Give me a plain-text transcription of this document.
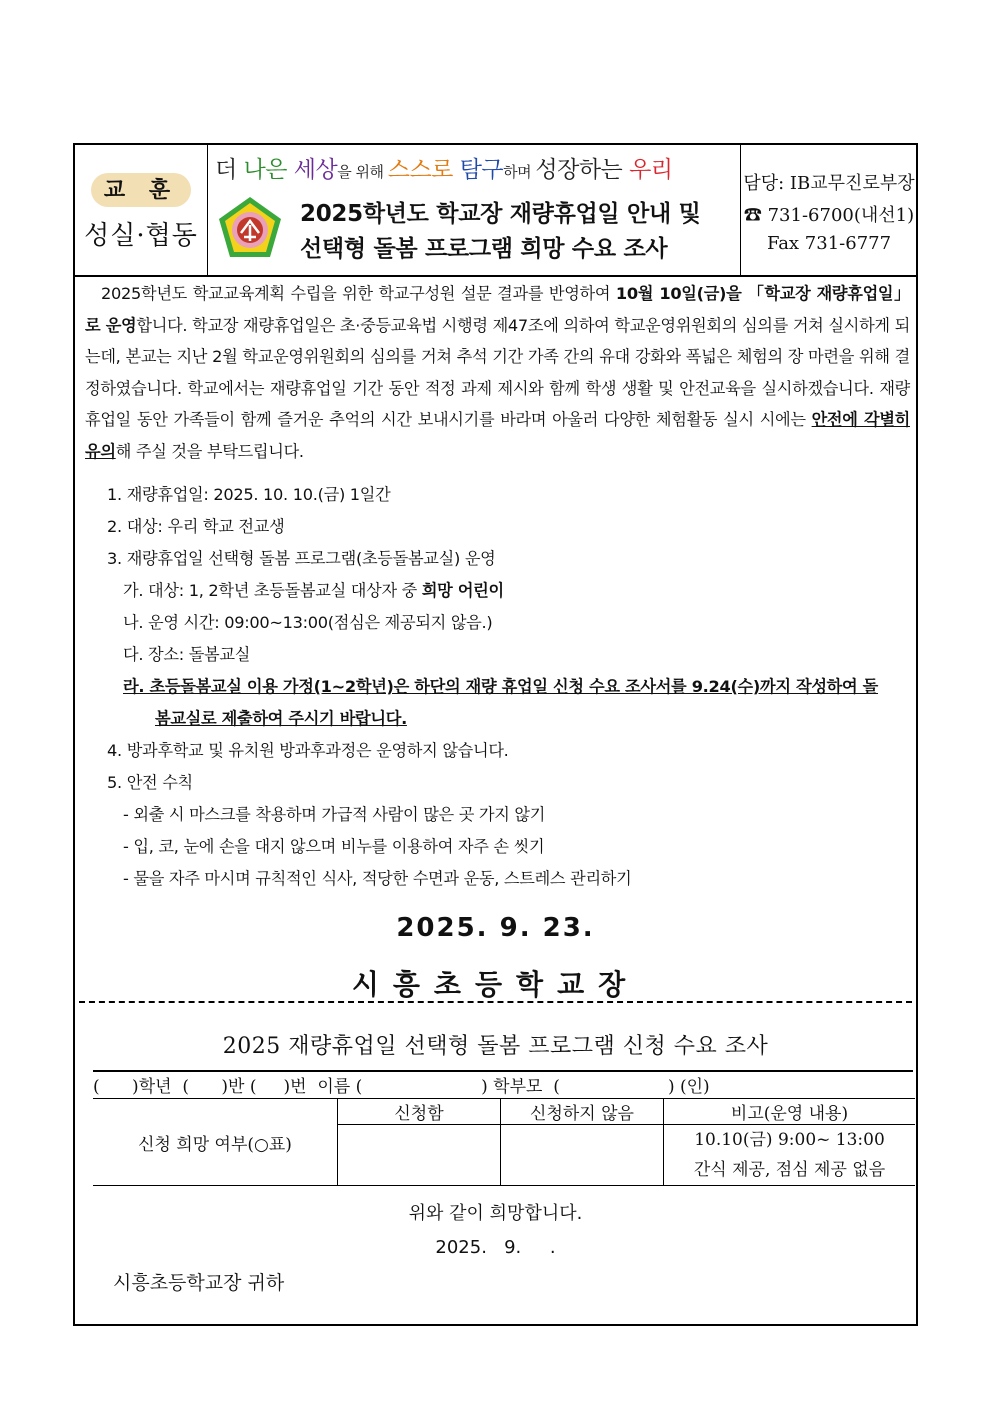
교 훈
성실·협동
더 나은 세상을 위해 스스로 탐구하며 성장하는 우리
2025학년도 학교장 재량휴업일 안내 및
선택형 돌봄 프로그램 희망 수요 조사
담당: IB교무진로부장
☎ 731-6700(내선1)
Fax 731-6777
2025학년도 학교교육계획 수립을 위한 학교구성원 설문 결과를 반영하여 10월 10일(금)을 「학교장 재량휴업일」로 운영합니다. 학교장 재량휴업일은 초·중등교육법 시행령 제47조에 의하여 학교운영위원회의 심의를 거쳐 실시하게 되는데, 본교는 지난 2월 학교운영위원회의 심의를 거쳐 추석 기간 가족 간의 유대 강화와 폭넓은 체험의 장 마련을 위해 결정하였습니다. 학교에서는 재량휴업일 기간 동안 적정 과제 제시와 함께 학생 생활 및 안전교육을 실시하겠습니다. 재량휴업일 동안 가족들이 함께 즐거운 추억의 시간 보내시기를 바라며 아울러 다양한 체험활동 실시 시에는 안전에 각별히 유의해 주실 것을 부탁드립니다.
1. 재량휴업일: 2025. 10. 10.(금) 1일간
2. 대상: 우리 학교 전교생
3. 재량휴업일 선택형 돌봄 프로그램(초등돌봄교실) 운영
가. 대상: 1, 2학년 초등돌봄교실 대상자 중 희망 어린이
나. 운영 시간: 09:00~13:00(점심은 제공되지 않음.)
다. 장소: 돌봄교실
라. 초등돌봄교실 이용 가정(1~2학년)은 하단의 재량 휴업일 신청 수요 조사서를 9.24(수)까지 작성하여 돌
봄교실로 제출하여 주시기 바랍니다.
4. 방과후학교 및 유치원 방과후과정은 운영하지 않습니다.
5. 안전 수칙
- 외출 시 마스크를 착용하며 가급적 사람이 많은 곳 가지 않기
- 입, 코, 눈에 손을 대지 않으며 비누를 이용하여 자주 손 씻기
- 물을 자주 마시며 규칙적인 식사, 적당한 수면과 운동, 스트레스 관리하기
2025. 9. 23.
시흥초등학교장
2025 재량휴업일 선택형 돌봄 프로그램 신청 수요 조사
(      )학년  (      )반 (     )번  이름 (                      ) 학부모  (                    ) (인)
신청 희망 여부(○표)	신청함	신청하지 않음	비고(운영 내용)

			10.10(금) 9:00~ 13:00
간식 제공, 점심 제공 없음
위와 같이 희망합니다.
2025.   9.     .
시흥초등학교장 귀하
